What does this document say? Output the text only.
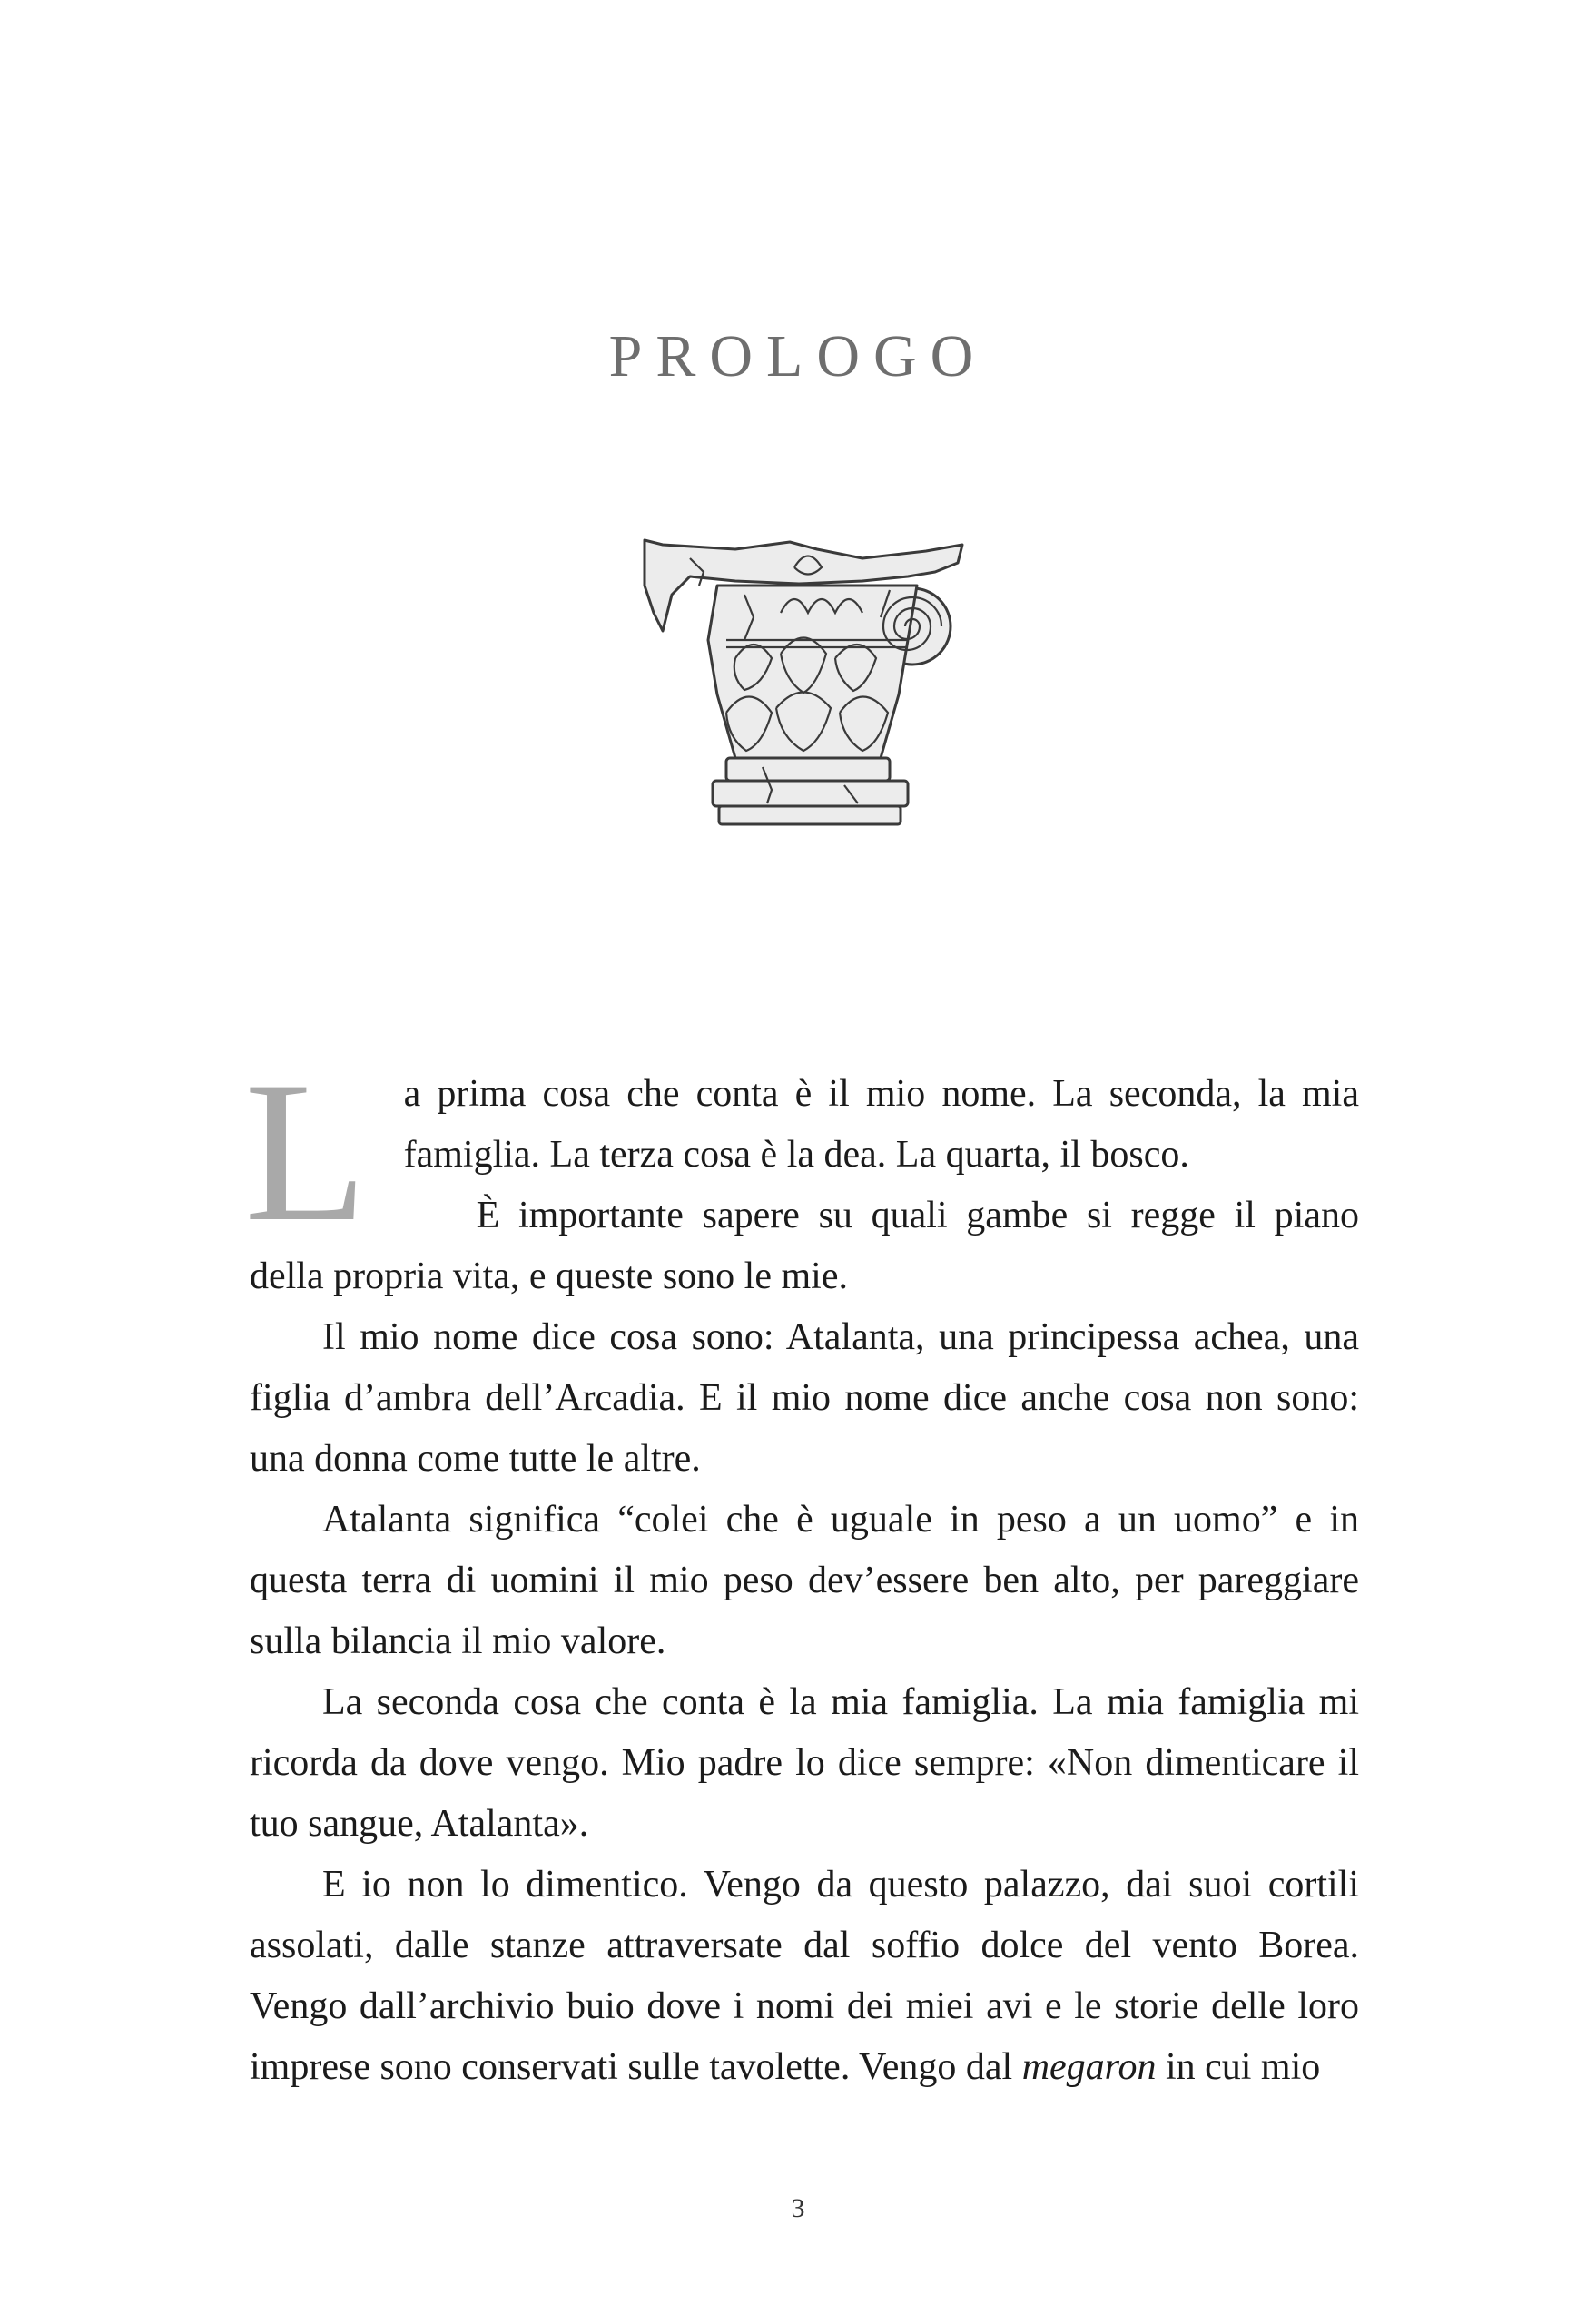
PROLOGO

La prima cosa che conta è il mio nome. La seconda, la mia famiglia. La terza cosa è la dea. La quarta, il bosco.

È importante sapere su quali gambe si regge il piano della propria vita, e queste sono le mie.

Il mio nome dice cosa sono: Atalanta, una principessa achea, una figlia d’ambra dell’Arcadia. E il mio nome dice anche cosa non sono: una donna come tutte le altre.

Atalanta significa “colei che è uguale in peso a un uomo” e in questa terra di uomini il mio peso dev’essere ben alto, per pareggiare sulla bilancia il mio valore.

La seconda cosa che conta è la mia famiglia. La mia famiglia mi ricorda da dove vengo. Mio padre lo dice sempre: «Non dimenticare il tuo sangue, Atalanta».

E io non lo dimentico. Vengo da questo palazzo, dai suoi cortili assolati, dalle stanze attraversate dal soffio dolce del vento Borea. Vengo dall’archivio buio dove i nomi dei miei avi e le storie delle loro imprese sono conservati sulle tavolette. Vengo dal megaron in cui mio

3
